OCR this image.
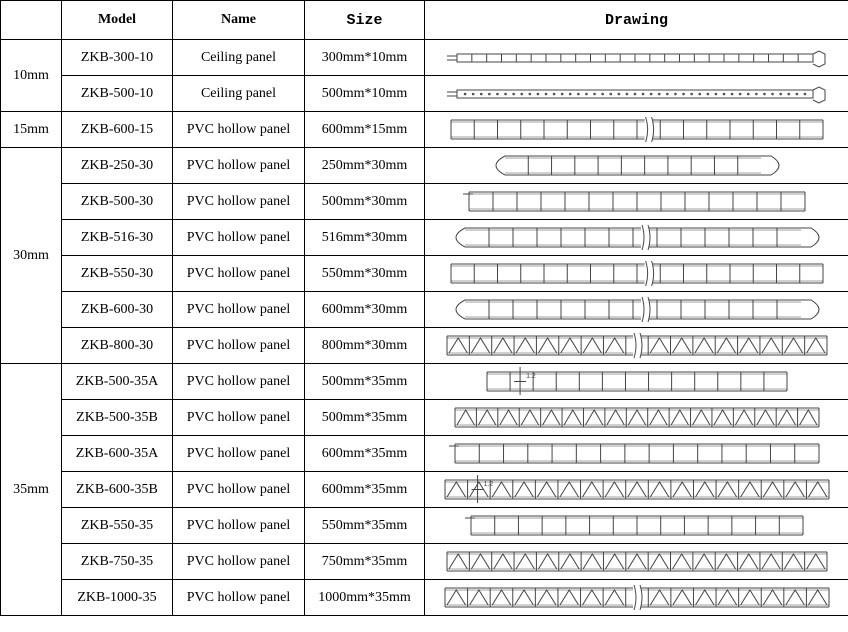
	Model	Name	Size	Drawing
10mm	ZKB-300-10	Ceiling panel	300mm*10mm	

	ZKB-500-10	Ceiling panel	500mm*10mm	

15mm	ZKB-600-15	PVC hollow panel	600mm*15mm	

30mm	ZKB-250-30	PVC hollow panel	250mm*30mm	

	ZKB-500-30	PVC hollow panel	500mm*30mm	

	ZKB-516-30	PVC hollow panel	516mm*30mm	

	ZKB-550-30	PVC hollow panel	550mm*30mm	

	ZKB-600-30	PVC hollow panel	600mm*30mm	

	ZKB-800-30	PVC hollow panel	800mm*30mm	

35mm	ZKB-500-35A	PVC hollow panel	500mm*35mm	1.2

	ZKB-500-35B	PVC hollow panel	500mm*35mm	

	ZKB-600-35A	PVC hollow panel	600mm*35mm	

	ZKB-600-35B	PVC hollow panel	600mm*35mm	1.2

	ZKB-550-35	PVC hollow panel	550mm*35mm	

	ZKB-750-35	PVC hollow panel	750mm*35mm	

	ZKB-1000-35	PVC hollow panel	1000mm*35mm	
